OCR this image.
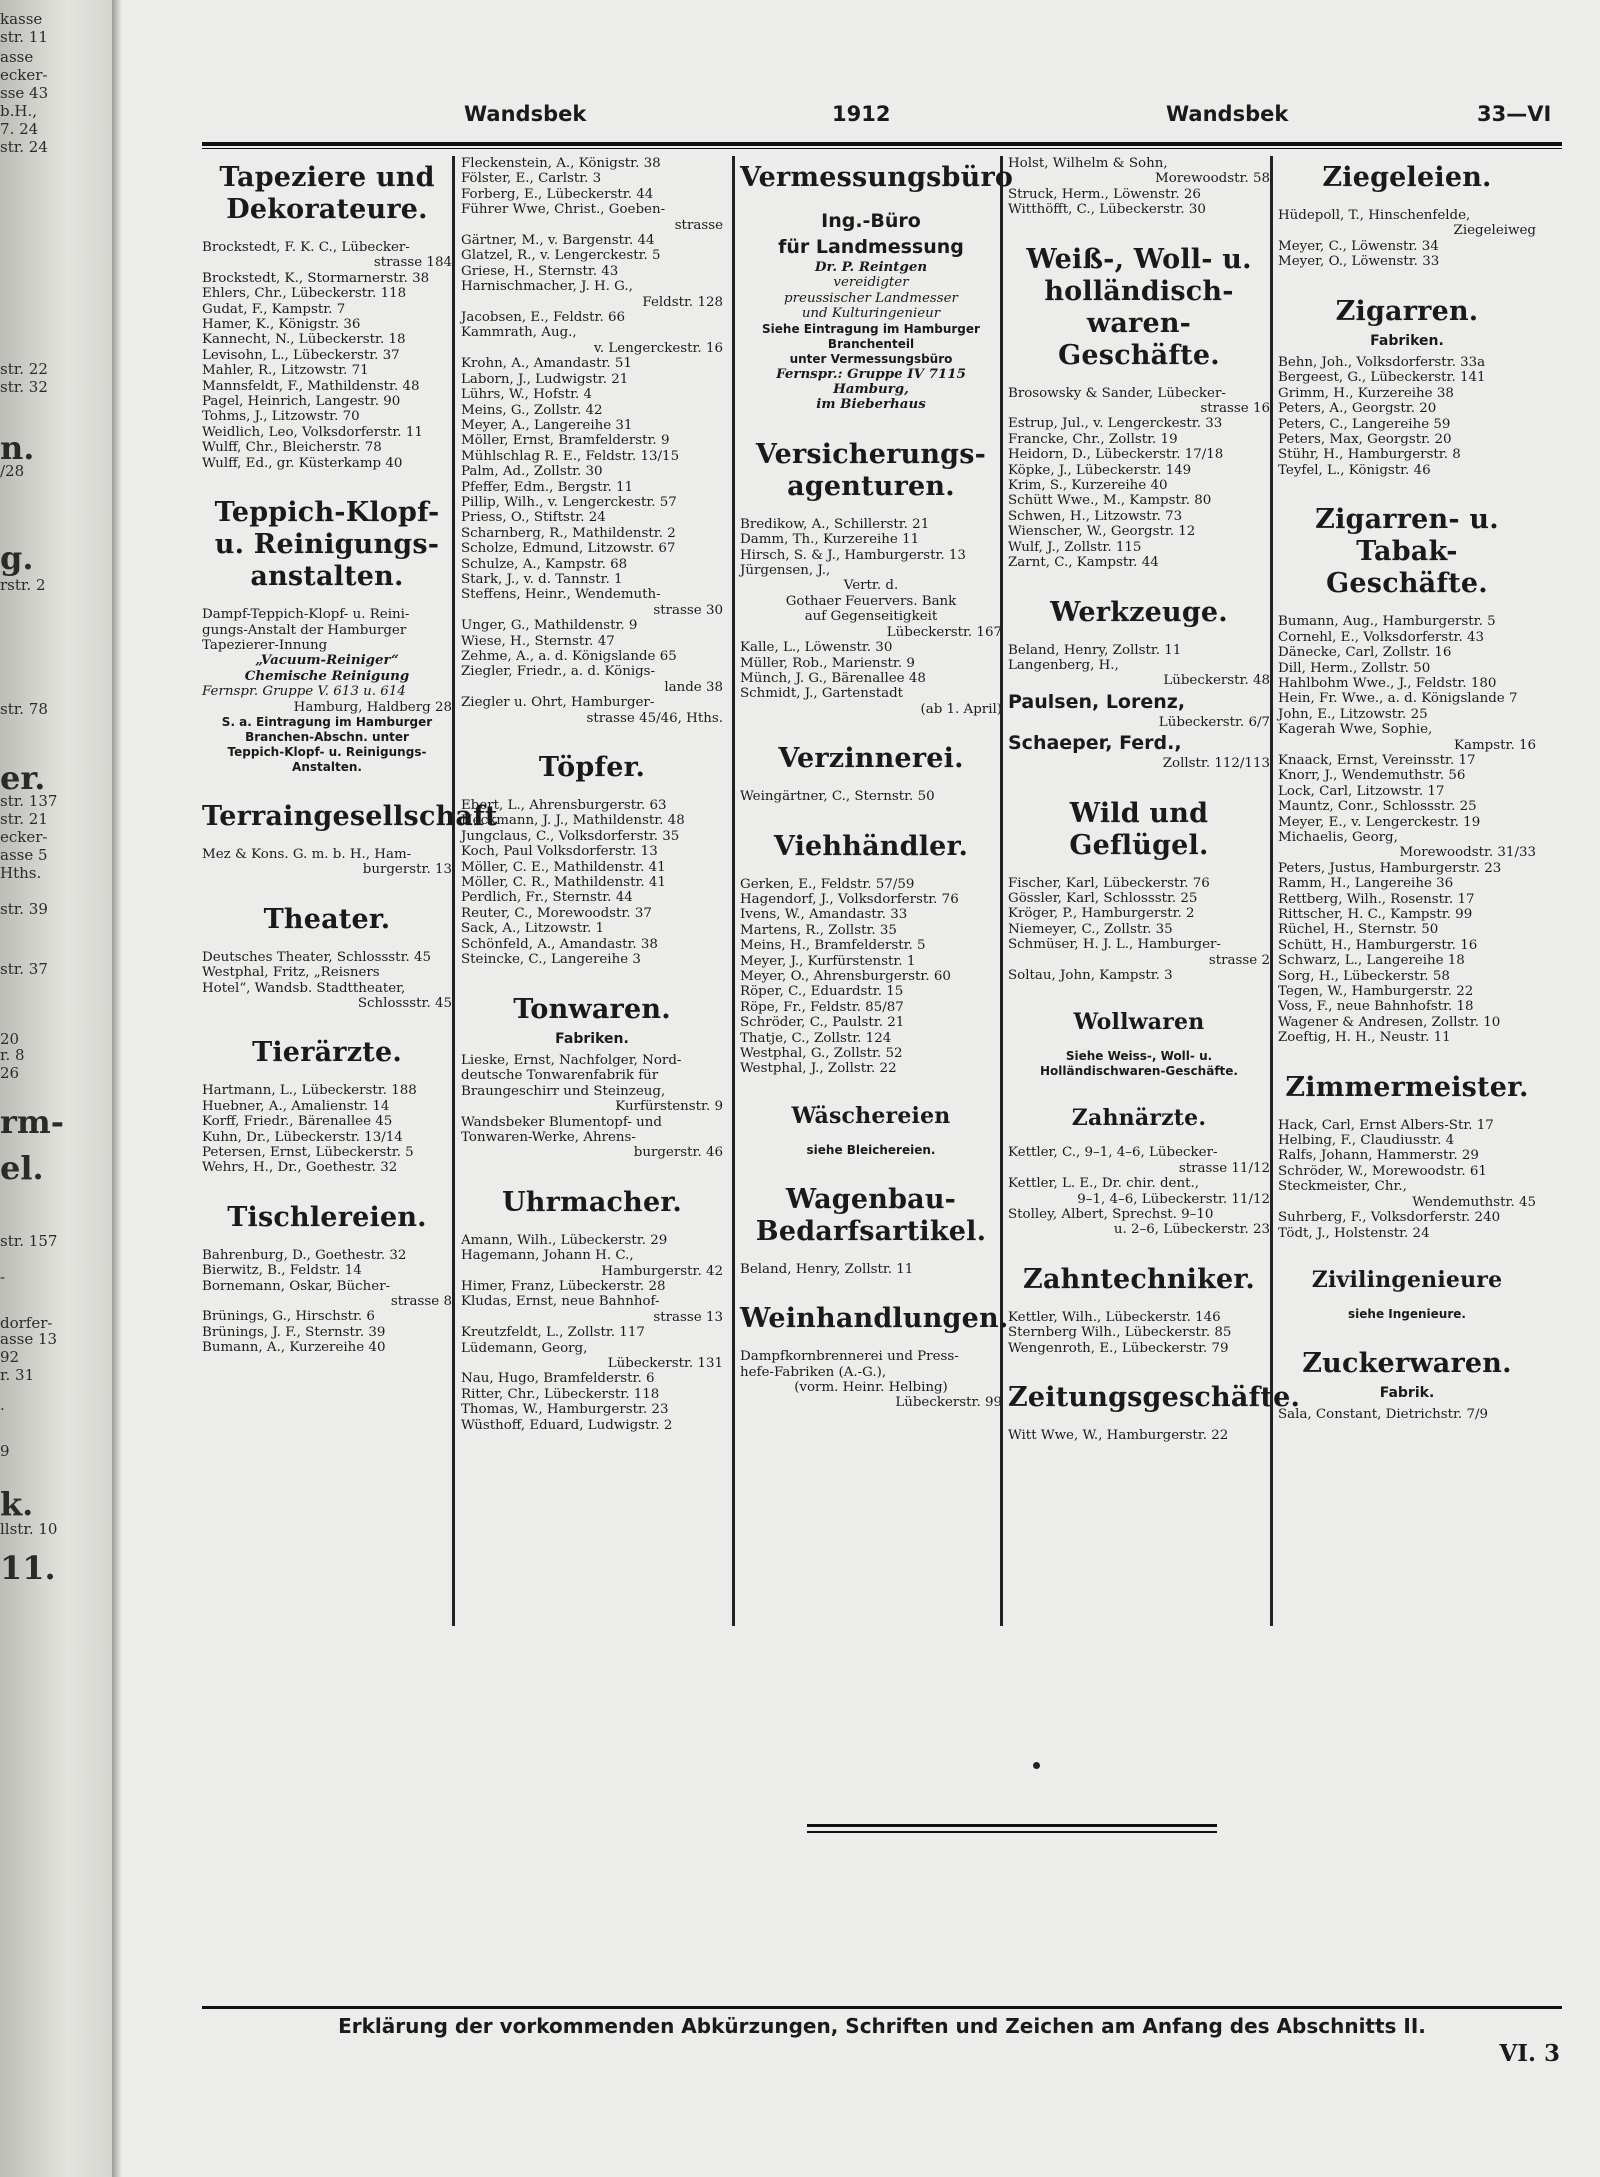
kasse
str. 11
asse
ecker-
sse 43
b.H.,
7. 24
str. 24
str. 22
str. 32
n.
/28
g.
rstr. 2
str. 78
er.
str. 137
str. 21
ecker-
asse 5
Hths.
str. 39
str. 37
20
r. 8
26
rm-
el.
str. 157
-
dorfer-
asse 13
92
r. 31
.
9
k.
llstr. 10
11.
Wandsbek	1912	Wandsbek	33—VI
Tapeziere und Dekorateure.
Brockstedt, F. K. C., Lübecker-
strasse 184
Brockstedt, K., Stormarnerstr. 38
Ehlers, Chr., Lübeckerstr. 118
Gudat, F., Kampstr. 7
Hamer, K., Königstr. 36
Kannecht, N., Lübeckerstr. 18
Levisohn, L., Lübeckerstr. 37
Mahler, R., Litzowstr. 71
Mannsfeldt, F., Mathildenstr. 48
Pagel, Heinrich, Langestr. 90
Tohms, J., Litzowstr. 70
Weidlich, Leo, Volksdorferstr. 11
Wulff, Chr., Bleicherstr. 78
Wulff, Ed., gr. Küsterkamp 40
Teppich-Klopf- u. Reinigungs-anstalten.
Dampf-Teppich-Klopf- u. Reini-
gungs-Anstalt der Hamburger
Tapezierer-Innung
„Vacuum-Reiniger“
Chemische Reinigung
Fernspr. Gruppe V. 613 u. 614
Hamburg, Haldberg 28
S. a. Eintragung im Hamburger
Branchen-Abschn. unter
Teppich-Klopf- u. Reinigungs-
Anstalten.
Terraingesellschaft
Mez & Kons. G. m. b. H., Ham-
burgerstr. 13
Theater.
Deutsches Theater, Schlossstr. 45
Westphal, Fritz, „Reisners
Hotel“, Wandsb. Stadttheater,
Schlossstr. 45
Tierärzte.
Hartmann, L., Lübeckerstr. 188
Huebner, A., Amalienstr. 14
Korff, Friedr., Bärenallee 45
Kuhn, Dr., Lübeckerstr. 13/14
Petersen, Ernst, Lübeckerstr. 5
Wehrs, H., Dr., Goethestr. 32
Tischlereien.
Bahrenburg, D., Goethestr. 32
Bierwitz, B., Feldstr. 14
Bornemann, Oskar, Bücher-
strasse 8
Brünings, G., Hirschstr. 6
Brünings, J. F., Sternstr. 39
Bumann, A., Kurzereihe 40
Fleckenstein, A., Königstr. 38
Fölster, E., Carlstr. 3
Forberg, E., Lübeckerstr. 44
Führer Wwe, Christ., Goeben-
strasse
Gärtner, M., v. Bargenstr. 44
Glatzel, R., v. Lengerckestr. 5
Griese, H., Sternstr. 43
Harnischmacher, J. H. G.,
Feldstr. 128
Jacobsen, E., Feldstr. 66
Kammrath, Aug.,
v. Lengerckestr. 16
Krohn, A., Amandastr. 51
Laborn, J., Ludwigstr. 21
Lührs, W., Hofstr. 4
Meins, G., Zollstr. 42
Meyer, A., Langereihe 31
Möller, Ernst, Bramfelderstr. 9
Mühlschlag R. E., Feldstr. 13/15
Palm, Ad., Zollstr. 30
Pfeffer, Edm., Bergstr. 11
Pillip, Wilh., v. Lengerckestr. 57
Priess, O., Stiftstr. 24
Scharnberg, R., Mathildenstr. 2
Scholze, Edmund, Litzowstr. 67
Schulze, A., Kampstr. 68
Stark, J., v. d. Tannstr. 1
Steffens, Heinr., Wendemuth-
strasse 30
Unger, G., Mathildenstr. 9
Wiese, H., Sternstr. 47
Zehme, A., a. d. Königslande 65
Ziegler, Friedr., a. d. Königs-
lande 38
Ziegler u. Ohrt, Hamburger-
strasse 45/46, Hths.
Töpfer.
Ebert, L., Ahrensburgerstr. 63
Heckmann, J. J., Mathildenstr. 48
Jungclaus, C., Volksdorferstr. 35
Koch, Paul Volksdorferstr. 13
Möller, C. E., Mathildenstr. 41
Möller, C. R., Mathildenstr. 41
Perdlich, Fr., Sternstr. 44
Reuter, C., Morewoodstr. 37
Sack, A., Litzowstr. 1
Schönfeld, A., Amandastr. 38
Steincke, C., Langereihe 3
Tonwaren.
Fabriken.
Lieske, Ernst, Nachfolger, Nord-
deutsche Tonwarenfabrik für
Braungeschirr und Steinzeug,
Kurfürstenstr. 9
Wandsbeker Blumentopf- und
Tonwaren-Werke, Ahrens-
burgerstr. 46
Uhrmacher.
Amann, Wilh., Lübeckerstr. 29
Hagemann, Johann H. C.,
Hamburgerstr. 42
Himer, Franz, Lübeckerstr. 28
Kludas, Ernst, neue Bahnhof-
strasse 13
Kreutzfeldt, L., Zollstr. 117
Lüdemann, Georg,
Lübeckerstr. 131
Nau, Hugo, Bramfelderstr. 6
Ritter, Chr., Lübeckerstr. 118
Thomas, W., Hamburgerstr. 23
Wüsthoff, Eduard, Ludwigstr. 2
Vermessungsbüro
Ing.-Büro
für Landmessung
Dr. P. Reintgen
vereidigter
preussischer Landmesser
und Kulturingenieur
Siehe Eintragung im Hamburger
Branchenteil
unter Vermessungsbüro
Fernspr.: Gruppe IV 7115
Hamburg,
im Bieberhaus
Versicherungs-agenturen.
Bredikow, A., Schillerstr. 21
Damm, Th., Kurzereihe 11
Hirsch, S. & J., Hamburgerstr. 13
Jürgensen, J.,
Vertr. d.
Gothaer Feuervers. Bank
auf Gegenseitigkeit
Lübeckerstr. 167
Kalle, L., Löwenstr. 30
Müller, Rob., Marienstr. 9
Münch, J. G., Bärenallee 48
Schmidt, J., Gartenstadt
(ab 1. April)
Verzinnerei.
Weingärtner, C., Sternstr. 50
Viehhändler.
Gerken, E., Feldstr. 57/59
Hagendorf, J., Volksdorferstr. 76
Ivens, W., Amandastr. 33
Martens, R., Zollstr. 35
Meins, H., Bramfelderstr. 5
Meyer, J., Kurfürstenstr. 1
Meyer, O., Ahrensburgerstr. 60
Röper, C., Eduardstr. 15
Röpe, Fr., Feldstr. 85/87
Schröder, C., Paulstr. 21
Thatje, C., Zollstr. 124
Westphal, G., Zollstr. 52
Westphal, J., Zollstr. 22
Wäschereien
siehe Bleichereien.
Wagenbau-Bedarfsartikel.
Beland, Henry, Zollstr. 11
Weinhandlungen.
Dampfkornbrennerei und Press-
hefe-Fabriken (A.-G.),
(vorm. Heinr. Helbing)
Lübeckerstr. 99
Holst, Wilhelm & Sohn,
Morewoodstr. 58
Struck, Herm., Löwenstr. 26
Witthöfft, C., Lübeckerstr. 30
Weiß-, Woll- u. holländisch-waren-Geschäfte.
Brosowsky & Sander, Lübecker-
strasse 16
Estrup, Jul., v. Lengerckestr. 33
Francke, Chr., Zollstr. 19
Heidorn, D., Lübeckerstr. 17/18
Köpke, J., Lübeckerstr. 149
Krim, S., Kurzereihe 40
Schütt Wwe., M., Kampstr. 80
Schwen, H., Litzowstr. 73
Wienscher, W., Georgstr. 12
Wulf, J., Zollstr. 115
Zarnt, C., Kampstr. 44
Werkzeuge.
Beland, Henry, Zollstr. 11
Langenberg, H.,
Lübeckerstr. 48
Paulsen, Lorenz,
Lübeckerstr. 6/7
Schaeper, Ferd.,
Zollstr. 112/113
Wild und Geflügel.
Fischer, Karl, Lübeckerstr. 76
Gössler, Karl, Schlossstr. 25
Kröger, P., Hamburgerstr. 2
Niemeyer, C., Zollstr. 35
Schmüser, H. J. L., Hamburger-
strasse 2
Soltau, John, Kampstr. 3
Wollwaren
Siehe Weiss-, Woll- u.
Holländischwaren-Geschäfte.
Zahnärzte.
Kettler, C., 9–1, 4–6, Lübecker-
strasse 11/12
Kettler, L. E., Dr. chir. dent.,
9–1, 4–6, Lübeckerstr. 11/12
Stolley, Albert, Sprechst. 9–10
u. 2–6, Lübeckerstr. 23
Zahntechniker.
Kettler, Wilh., Lübeckerstr. 146
Sternberg Wilh., Lübeckerstr. 85
Wengenroth, E., Lübeckerstr. 79
Zeitungsgeschäfte.
Witt Wwe, W., Hamburgerstr. 22
Ziegeleien.
Hüdepoll, T., Hinschenfelde,
Ziegeleiweg
Meyer, C., Löwenstr. 34
Meyer, O., Löwenstr. 33
Zigarren.
Fabriken.
Behn, Joh., Volksdorferstr. 33a
Bergeest, G., Lübeckerstr. 141
Grimm, H., Kurzereihe 38
Peters, A., Georgstr. 20
Peters, C., Langereihe 59
Peters, Max, Georgstr. 20
Stühr, H., Hamburgerstr. 8
Teyfel, L., Königstr. 46
Zigarren- u. Tabak-Geschäfte.
Bumann, Aug., Hamburgerstr. 5
Cornehl, E., Volksdorferstr. 43
Dänecke, Carl, Zollstr. 16
Dill, Herm., Zollstr. 50
Hahlbohm Wwe., J., Feldstr. 180
Hein, Fr. Wwe., a. d. Königslande 7
John, E., Litzowstr. 25
Kagerah Wwe, Sophie,
Kampstr. 16
Knaack, Ernst, Vereinsstr. 17
Knorr, J., Wendemuthstr. 56
Lock, Carl, Litzowstr. 17
Mauntz, Conr., Schlossstr. 25
Meyer, E., v. Lengerckestr. 19
Michaelis, Georg,
Morewoodstr. 31/33
Peters, Justus, Hamburgerstr. 23
Ramm, H., Langereihe 36
Rettberg, Wilh., Rosenstr. 17
Rittscher, H. C., Kampstr. 99
Rüchel, H., Sternstr. 50
Schütt, H., Hamburgerstr. 16
Schwarz, L., Langereihe 18
Sorg, H., Lübeckerstr. 58
Tegen, W., Hamburgerstr. 22
Voss, F., neue Bahnhofstr. 18
Wagener & Andresen, Zollstr. 10
Zoeftig, H. H., Neustr. 11
Zimmermeister.
Hack, Carl, Ernst Albers-Str. 17
Helbing, F., Claudiusstr. 4
Ralfs, Johann, Hammerstr. 29
Schröder, W., Morewoodstr. 61
Steckmeister, Chr.,
Wendemuthstr. 45
Suhrberg, F., Volksdorferstr. 240
Tödt, J., Holstenstr. 24
Zivilingenieure
siehe Ingenieure.
Zuckerwaren.
Fabrik.
Sala, Constant, Dietrichstr. 7/9
Erklärung der vorkommenden Abkürzungen, Schriften und Zeichen am Anfang des Abschnitts II.
VI. 3
